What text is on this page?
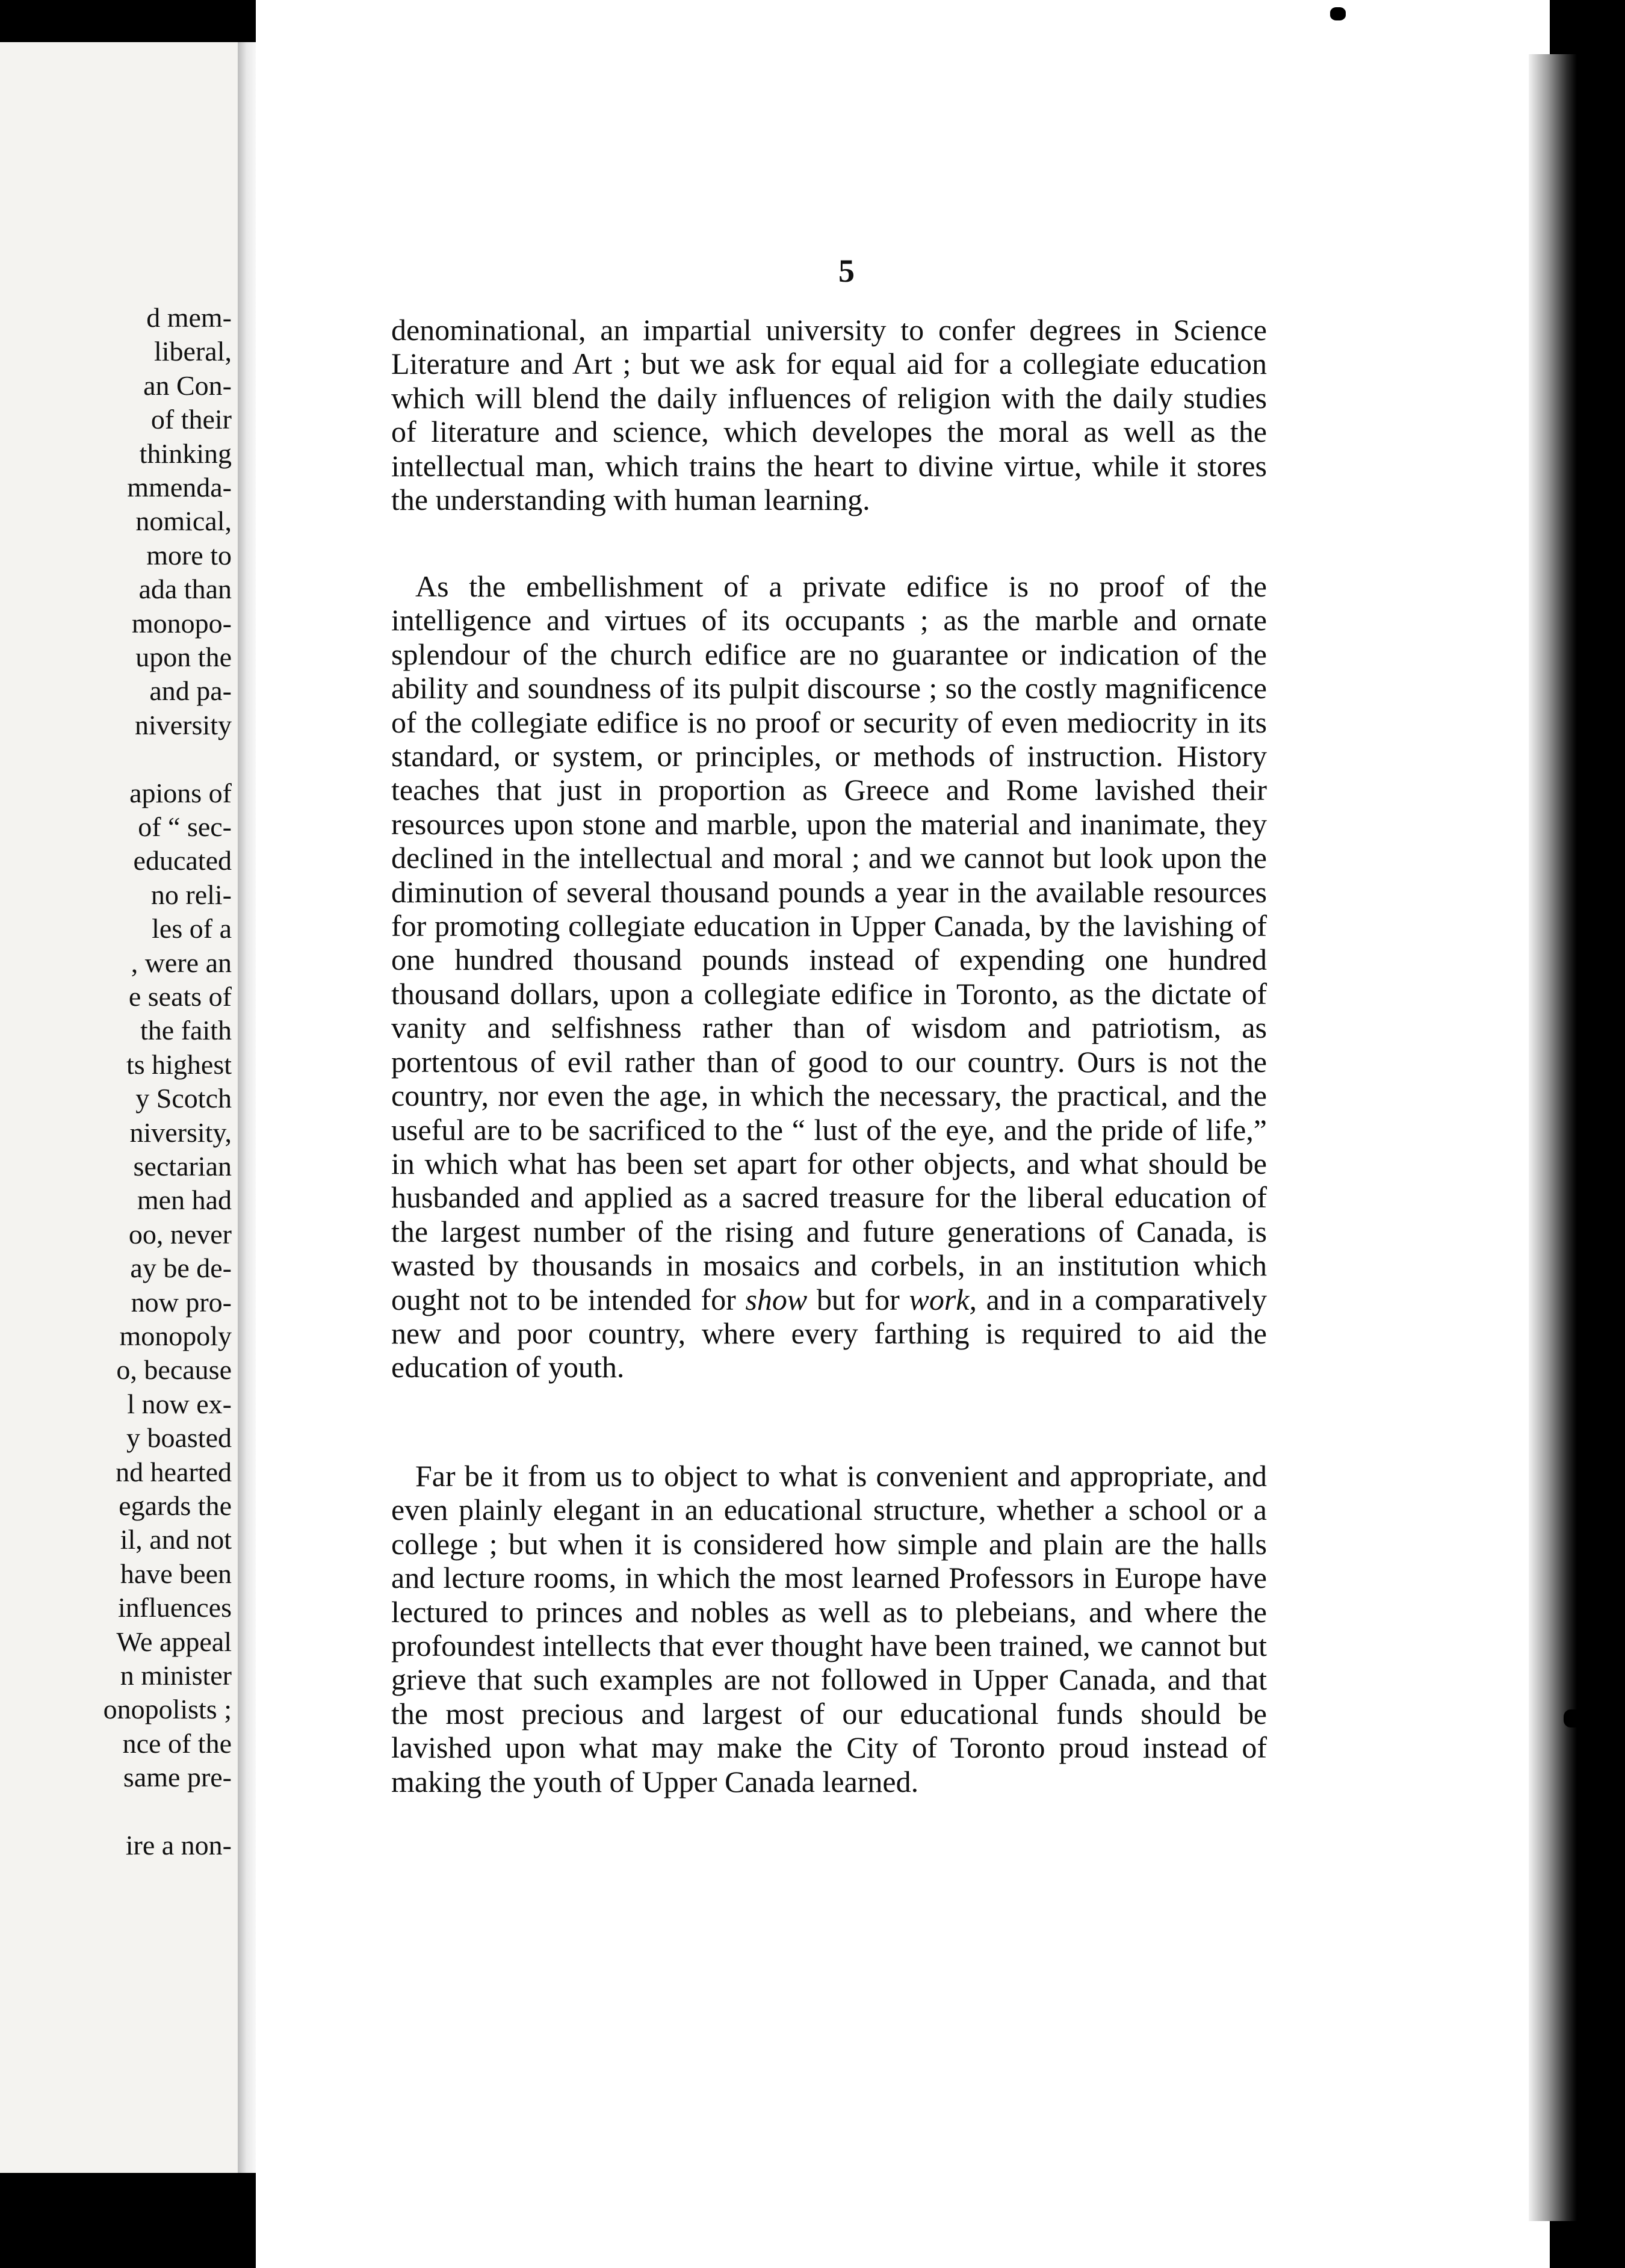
d mem-
liberal,
an Con-
of their
thinking
mmenda-
nomical,
more to
ada than
monopo-
upon the
and pa-
niversity
apions of
of “ sec-
educated
no reli-
les of a
, were an
e seats of
the faith
ts highest
y Scotch
niversity,
sectarian
men had
oo, never
ay be de-
now pro-
monopoly
o, because
l now ex-
y boasted
nd hearted
egards the
il, and not
have been
influences
We appeal
n minister
onopolists ;
nce of the
same pre-
ire a non-
5

denominational, an impartial university to confer degrees in Science Literature and Art ; but we ask for equal aid for a collegiate education which will blend the daily influences of religion with the daily studies of literature and science, which developes the moral as well as the intellectual man, which trains the heart to divine virtue, while it stores the understanding with human learning.

As the embellishment of a private edifice is no proof of the intelligence and virtues of its occupants ; as the marble and ornate splendour of the church edifice are no guarantee or indication of the ability and soundness of its pulpit discourse ; so the costly magnificence of the collegiate edifice is no proof or security of even mediocrity in its standard, or system, or principles, or methods of instruction. History teaches that just in proportion as Greece and Rome lavished their resources upon stone and marble, upon the material and inanimate, they declined in the intellectual and moral ; and we cannot but look upon the diminution of several thousand pounds a year in the available resources for promoting collegiate education in Upper Canada, by the lavishing of one hundred thousand pounds instead of expending one hundred thousand dollars, upon a collegiate edifice in Toronto, as the dictate of vanity and selfishness rather than of wisdom and patriotism, as portentous of evil rather than of good to our country. Ours is not the country, nor even the age, in which the necessary, the practical, and the useful are to be sacrificed to the “ lust of the eye, and the pride of life,” in which what has been set apart for other objects, and what should be husbanded and applied as a sacred treasure for the liberal education of the largest number of the rising and future generations of Canada, is wasted by thousands in mosaics and corbels, in an institution which ought not to be intended for show but for work, and in a comparatively new and poor country, where every farthing is required to aid the education of youth.

Far be it from us to object to what is convenient and appropriate, and even plainly elegant in an educational structure, whether a school or a college ; but when it is considered how simple and plain are the halls and lecture rooms, in which the most learned Professors in Europe have lectured to princes and nobles as well as to plebeians, and where the profoundest intellects that ever thought have been trained, we cannot but grieve that such examples are not followed in Upper Canada, and that the most precious and largest of our educational funds should be lavished upon what may make the City of Toronto proud instead of making the youth of Upper Canada learned.
